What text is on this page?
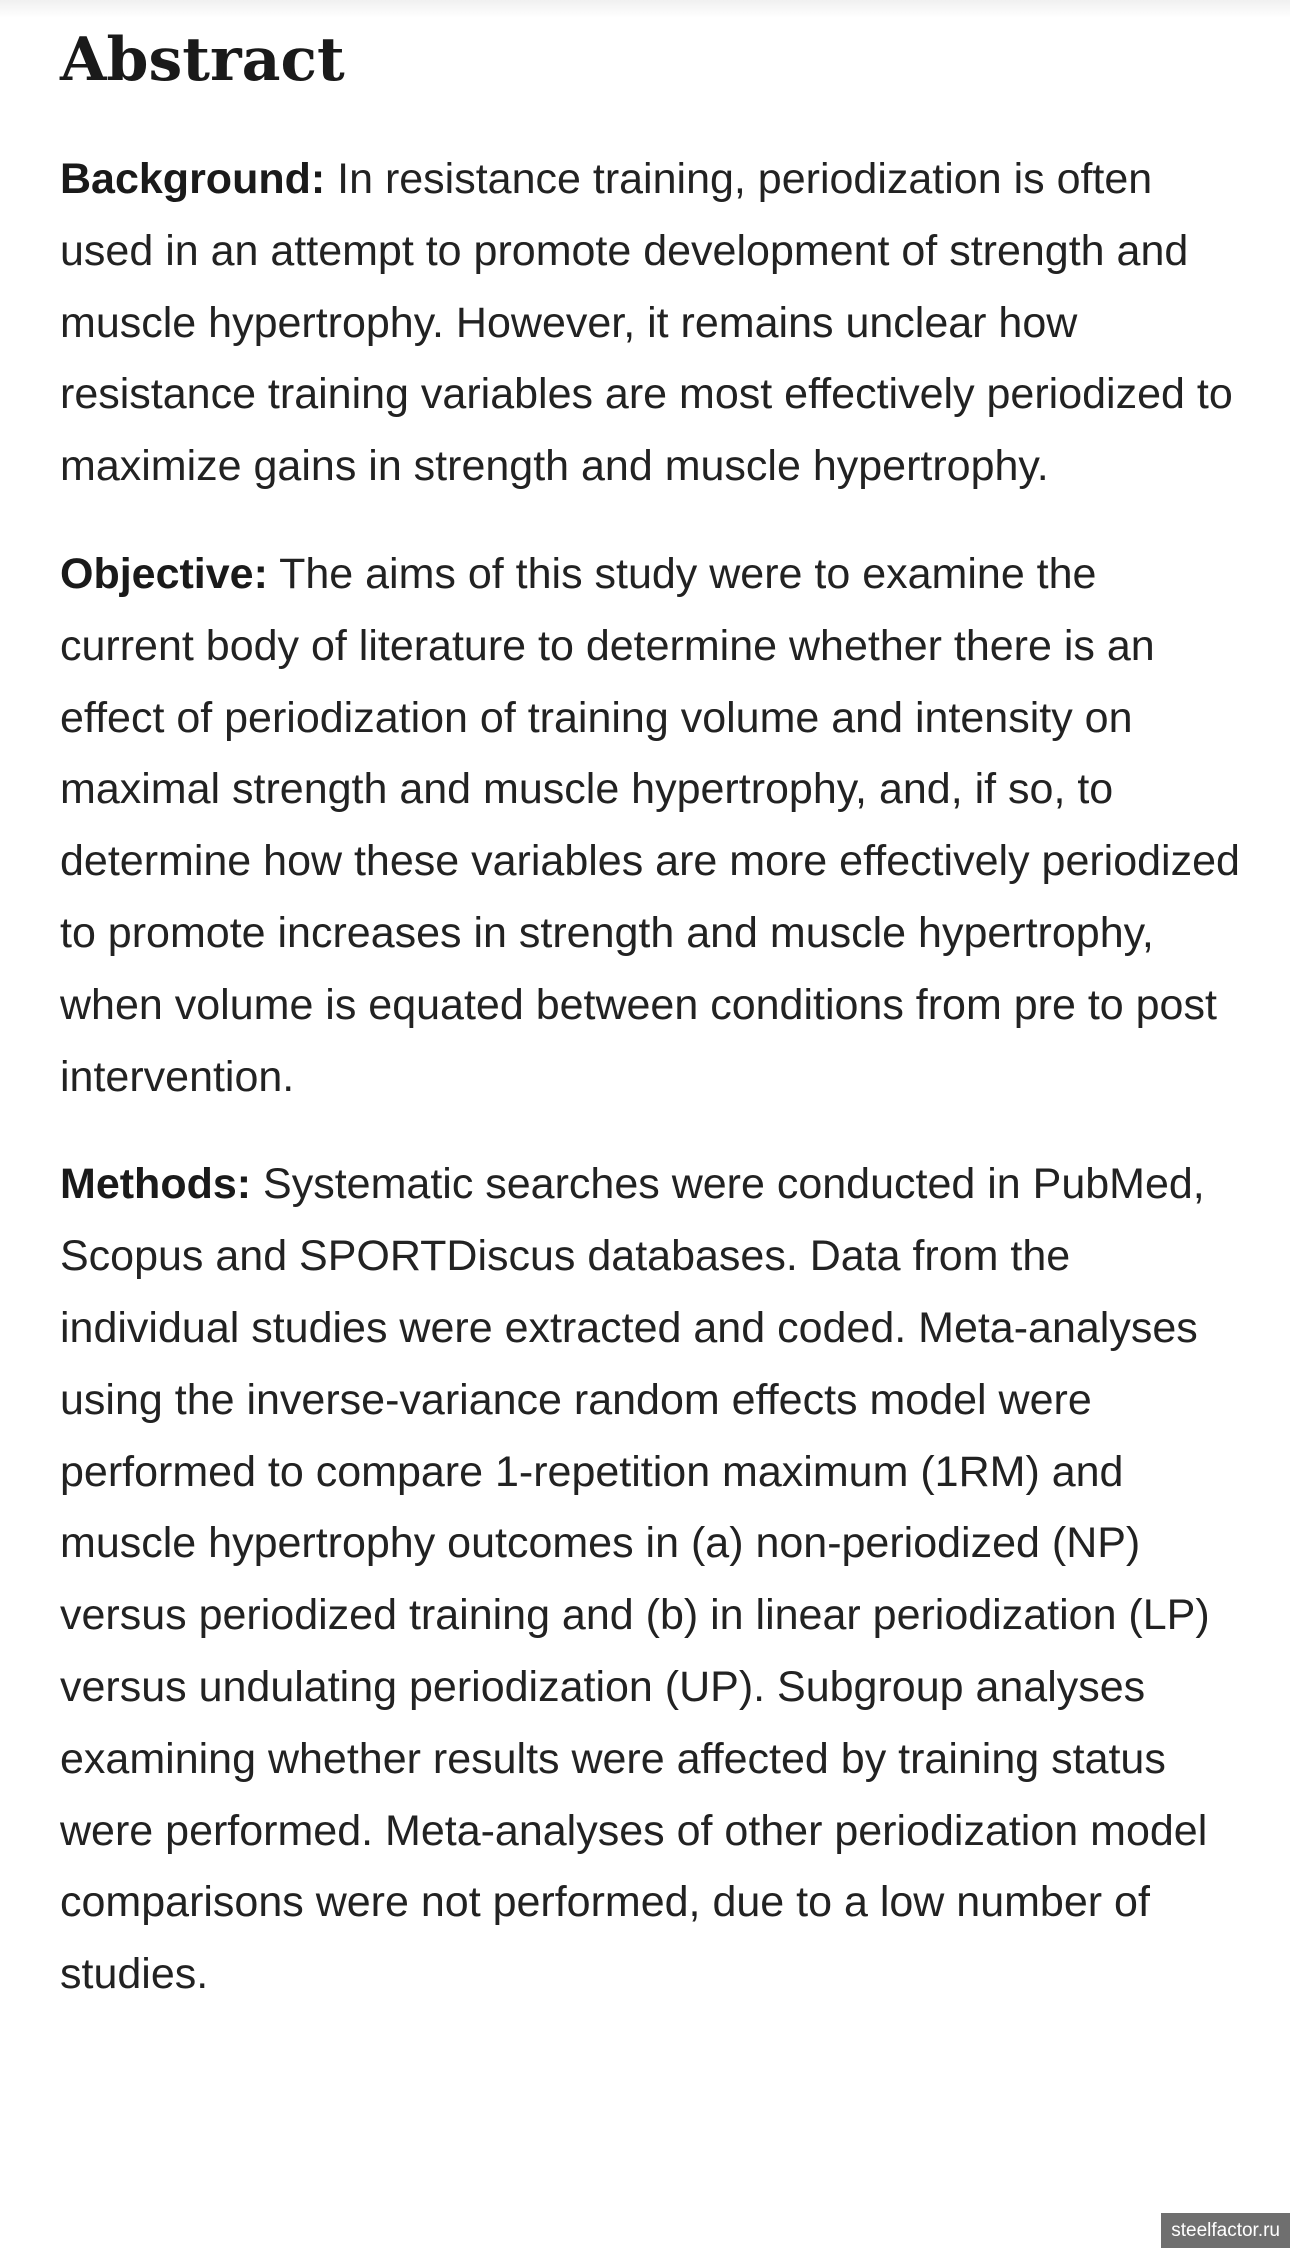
Abstract

Background: In resistance training, periodization is often used in an attempt to promote development of strength and muscle hypertrophy. However, it remains unclear how resistance training variables are most effectively periodized to maximize gains in strength and muscle hypertrophy.

Objective: The aims of this study were to examine the current body of literature to determine whether there is an effect of periodization of training volume and intensity on maximal strength and muscle hypertrophy, and, if so, to determine how these variables are more effectively periodized to promote increases in strength and muscle hypertrophy, when volume is equated between conditions from pre to post intervention.

Methods: Systematic searches were conducted in PubMed, Scopus and SPORTDiscus databases. Data from the individual studies were extracted and coded. Meta-analyses using the inverse-variance random effects model were performed to compare 1-repetition maximum (1RM) and muscle hypertrophy outcomes in (a) non-periodized (NP) versus periodized training and (b) in linear periodization (LP) versus undulating periodization (UP). Subgroup analyses examining whether results were affected by training status were performed. Meta-analyses of other periodization model comparisons were not performed, due to a low number of studies.

steelfactor.ru
